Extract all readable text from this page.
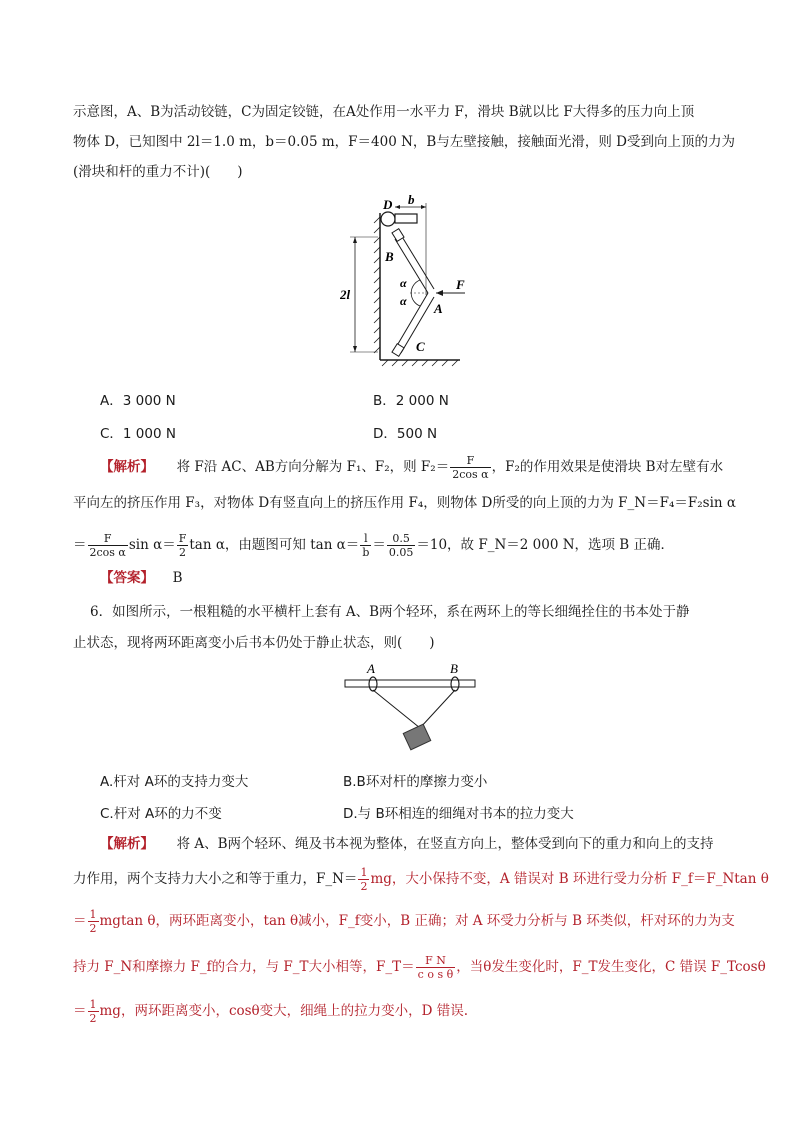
示意图，A、B为活动铰链，C为固定铰链，在A处作用一水平力 F，滑块 B就以比 F大得多的压力向上顶
物体 D，已知图中 2l＝1.0 m，b＝0.05 m，F＝400 N，B与左壁接触，接触面光滑，则 D受到向上顶的力为
(滑块和杆的重力不计)(　　)
D b
B
2l
α
α
F
A
C
A．3 000 N	B．2 000 N
C．1 000 N	D．500 N
【解析】 将 F沿 AC、AB方向分解为 F₁、F₂，则 $F_2= \frac{F}{\text{2cos α}}$ ，F₂的作用效果是使滑块 B对左壁有水
平向左的挤压作用 F₃，对物体 D有竖直向上的挤压作用 F₄，则物体 D所受的向上顶的力为 F_N＝F₄＝F₂sin α
＝ $\frac{F}{\text{2cos α}}$ $\sin \alpha= \frac{F}{2}$ tan α，由题图可知 $\tan \alpha= \frac{l}{b} = \frac{0.5}{0.05} =10$，故 F_N＝2 000 N，选项 B 正确．
【答案】 B
6．如图所示，一根粗糙的水平横杆上套有 A、B两个轻环，系在两环上的等长细绳拴住的书本处于静
止状态，现将两环距离变小后书本仍处于静止状态，则(　　)
A	B
A.杆对 A环的支持力变大	B.B环对杆的摩擦力变小
C.杆对 A环的力不变	D.与 B环相连的细绳对书本的拉力变大
【解析】 将 A、B两个轻环、绳及书本视为整体，在竖直方向上，整体受到向下的重力和向上的支持
力作用，两个支持力大小之和等于重力，F_N＝ $\frac{1}{2}$ mg，大小保持不变，A 错误对 B 环进行受力分析 F_f＝F_Ntan θ
＝ $\frac{1}{2}$ mgtan θ，两环距离变小，tan θ减小，F_f变小，B 正确；对 A 环受力分析与 B 环类似，杆对环的力为支
持力 F_N和摩擦力 F_f的合力，与 F_T大小相等，F_T＝ $\frac{\text{F N}}{\text{c o s θ}}$ ，当θ发生变化时，F_T发生变化，C 错误 F_Tcosθ
＝ $\frac{1}{2}$ mg，两环距离变小，cosθ变大，细绳上的拉力变小，D 错误.
